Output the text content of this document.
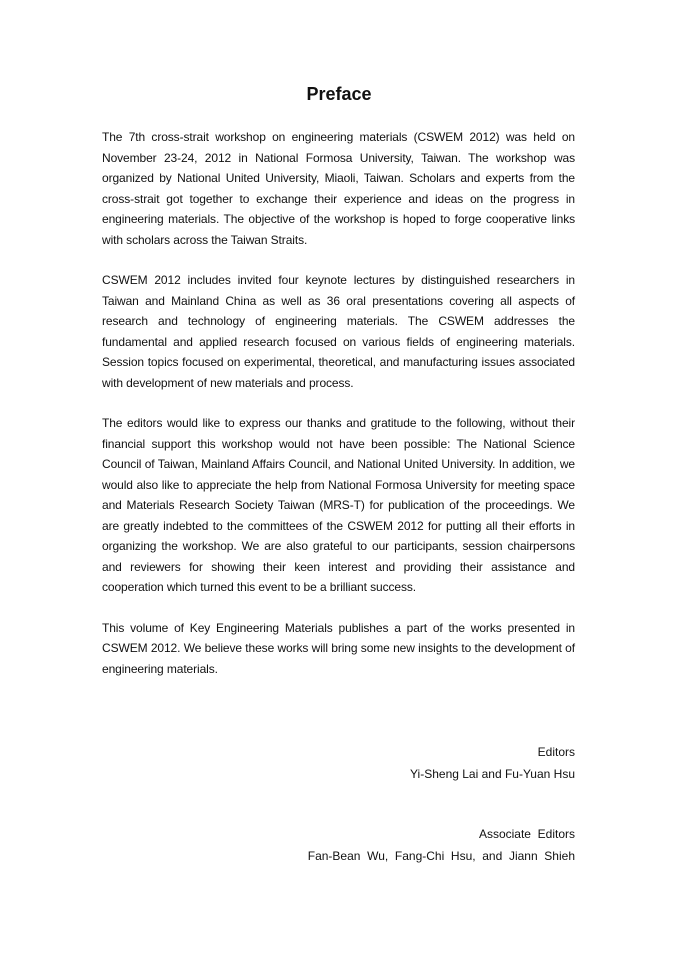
Preface

The 7th cross-strait workshop on engineering materials (CSWEM 2012) was held on November 23-24, 2012 in National Formosa University, Taiwan. The workshop was organized by National United University, Miaoli, Taiwan. Scholars and experts from the cross-strait got together to exchange their experience and ideas on the progress in engineering materials. The objective of the workshop is hoped to forge cooperative links with scholars across the Taiwan Straits.

CSWEM 2012 includes invited four keynote lectures by distinguished researchers in Taiwan and Mainland China as well as 36 oral presentations covering all aspects of research and technology of engineering materials. The CSWEM addresses the fundamental and applied research focused on various fields of engineering materials. Session topics focused on experimental, theoretical, and manufacturing issues associated with development of new materials and process.

The editors would like to express our thanks and gratitude to the following, without their financial support this workshop would not have been possible: The National Science Council of Taiwan, Mainland Affairs Council, and National United University. In addition, we would also like to appreciate the help from National Formosa University for meeting space and Materials Research Society Taiwan (MRS-T) for publication of the proceedings. We are greatly indebted to the committees of the CSWEM 2012 for putting all their efforts in organizing the workshop. We are also grateful to our participants, session chairpersons and reviewers for showing their keen interest and providing their assistance and cooperation which turned this event to be a brilliant success.

This volume of Key Engineering Materials publishes a part of the works presented in CSWEM 2012. We believe these works will bring some new insights to the development of engineering materials.

Editors
Yi-Sheng Lai and Fu-Yuan Hsu
Associate  Editors
Fan-Bean  Wu,  Fang-Chi  Hsu,  and  Jiann  Shieh
